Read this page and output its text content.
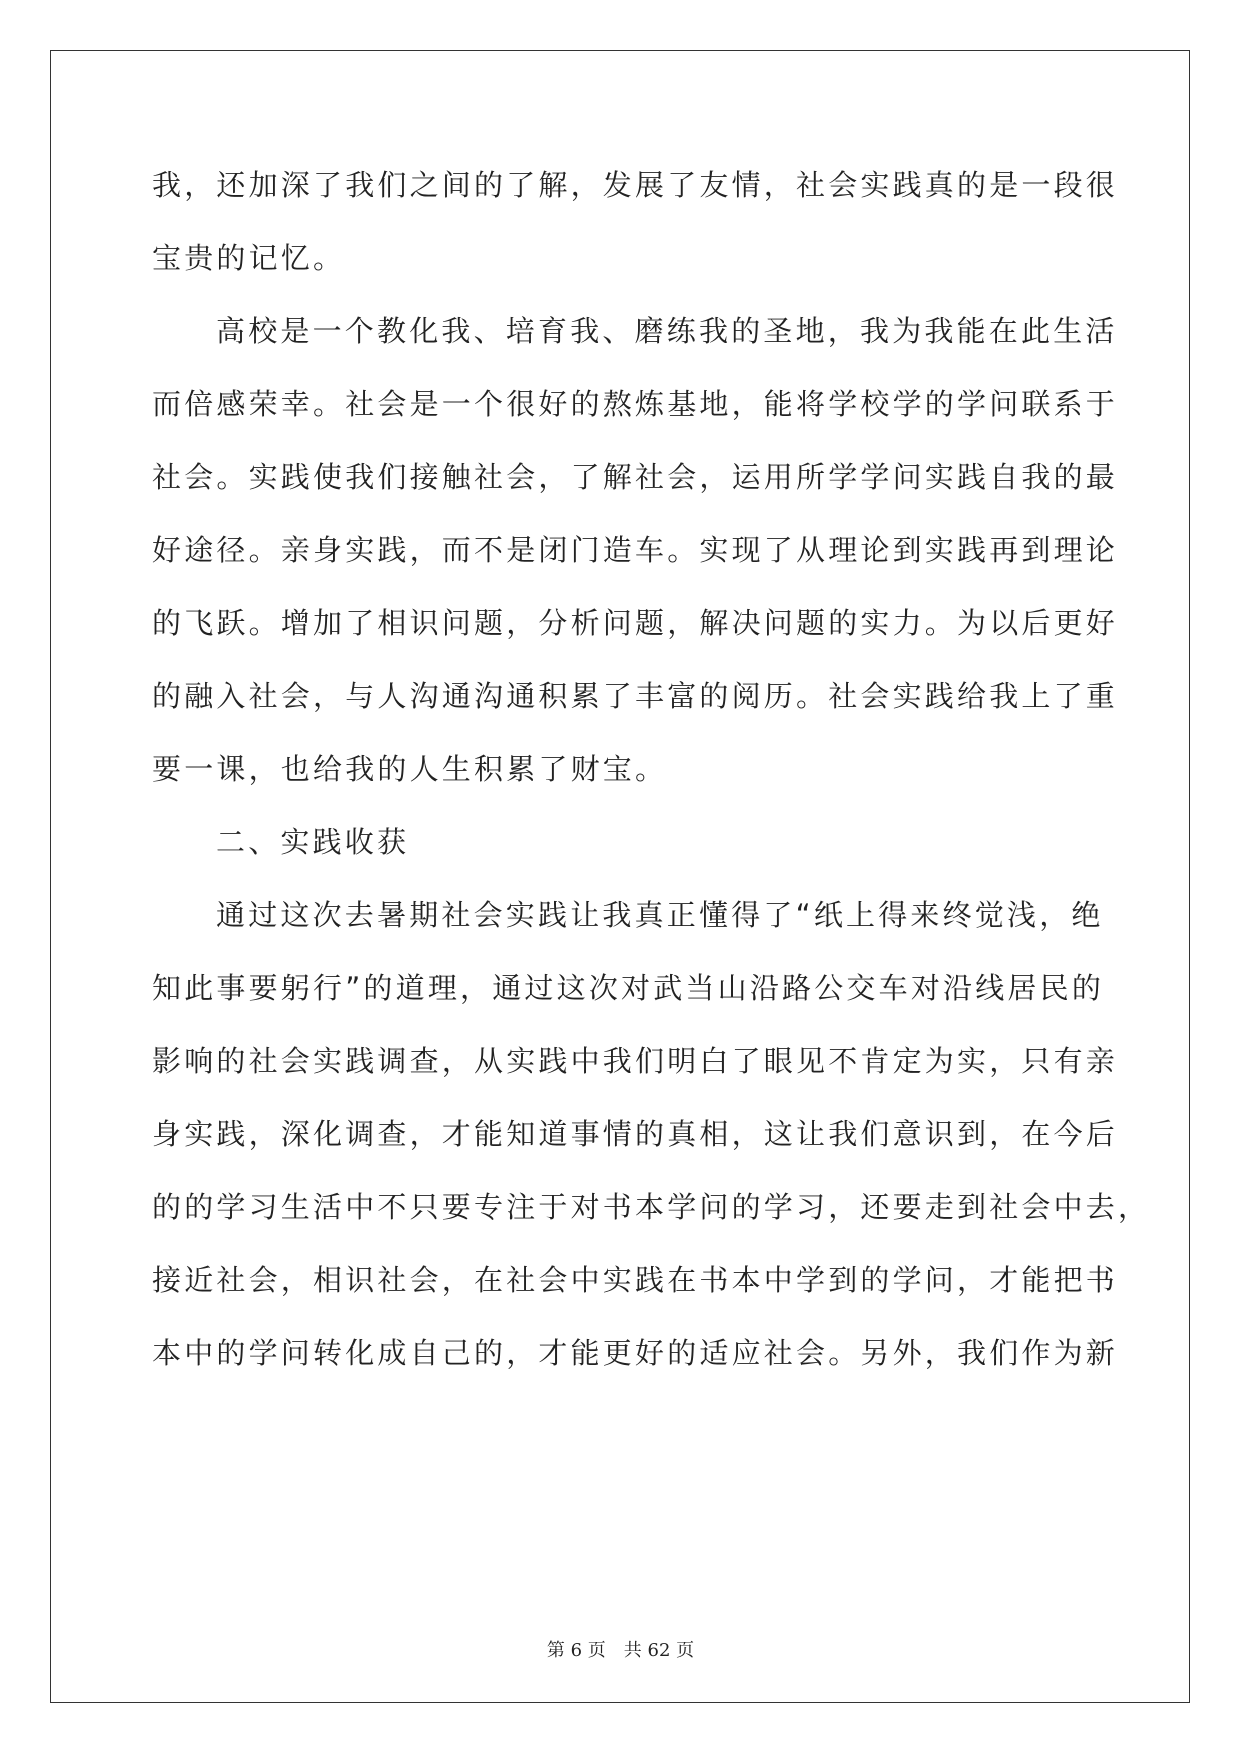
我，还加深了我们之间的了解，发展了友情，社会实践真的是一段很
宝贵的记忆。
高校是一个教化我、培育我、磨练我的圣地，我为我能在此生活
而倍感荣幸。社会是一个很好的熬炼基地，能将学校学的学问联系于
社会。实践使我们接触社会，了解社会，运用所学学问实践自我的最
好途径。亲身实践，而不是闭门造车。实现了从理论到实践再到理论
的飞跃。增加了相识问题，分析问题，解决问题的实力。为以后更好
的融入社会，与人沟通沟通积累了丰富的阅历。社会实践给我上了重
要一课，也给我的人生积累了财宝。
二、实践收获
通过这次去暑期社会实践让我真正懂得了“纸上得来终觉浅，绝
知此事要躬行”的道理，通过这次对武当山沿路公交车对沿线居民的
影响的社会实践调查，从实践中我们明白了眼见不肯定为实，只有亲
身实践，深化调查，才能知道事情的真相，这让我们意识到，在今后
的的学习生活中不只要专注于对书本学问的学习，还要走到社会中去，
接近社会，相识社会，在社会中实践在书本中学到的学问，才能把书
本中的学问转化成自己的，才能更好的适应社会。另外，我们作为新
第 6 页　共 62 页
